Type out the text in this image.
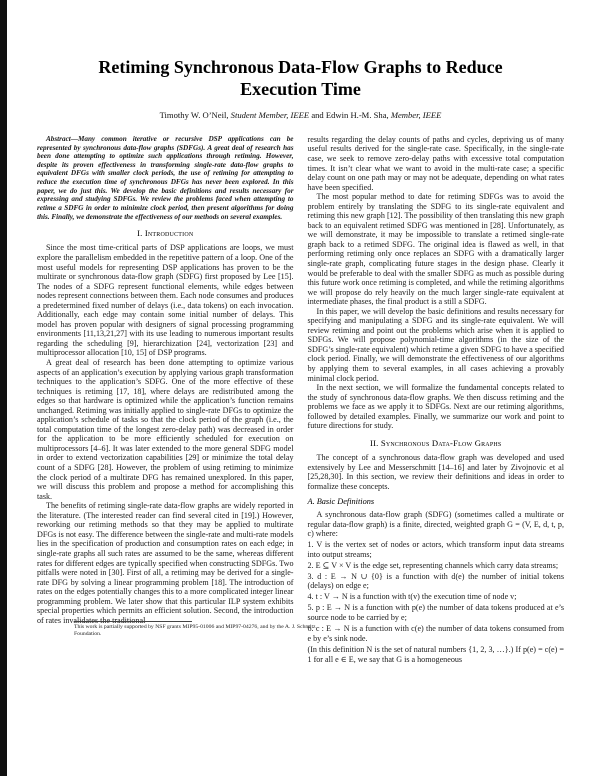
Retiming Synchronous Data-Flow Graphs to Reduce
Execution Time
Timothy W. O’Neil, Student Member, IEEE and Edwin H.-M. Sha, Member, IEEE

Abstract—Many common iterative or recursive DSP applications can be represented by synchronous data-flow graphs (SDFGs). A great deal of research has been done attempting to optimize such applications through retiming. However, despite its proven effectiveness in transforming single-rate data-flow graphs to equivalent DFGs with smaller clock periods, the use of retiming for attempting to reduce the execution time of synchronous DFGs has never been explored. In this paper, we do just this. We develop the basic definitions and results necessary for expressing and studying SDFGs. We review the problems faced when attempting to retime a SDFG in order to minimize clock period, then present algorithms for doing this. Finally, we demonstrate the effectiveness of our methods on several examples.

I. Introduction

Since the most time-critical parts of DSP applications are loops, we must explore the parallelism embedded in the repetitive pattern of a loop. One of the most useful models for representing DSP applications has proven to be the multirate or synchronous data-flow graph (SDFG) first proposed by Lee [15]. The nodes of a SDFG represent functional elements, while edges between nodes represent connections between them. Each node consumes and produces a predetermined fixed number of delays (i.e., data tokens) on each invocation. Additionally, each edge may contain some initial number of delays. This model has proven popular with designers of signal processing programming environments [11,13,21,27] with its use leading to numerous important results regarding the scheduling [9], hierarchization [24], vectorization [23] and multiprocessor allocation [10, 15] of DSP programs.

A great deal of research has been done attempting to optimize various aspects of an application’s execution by applying various graph transformation techniques to the application’s SDFG. One of the more effective of these techniques is retiming [17, 18], where delays are redistributed among the edges so that hardware is optimized while the application’s function remains unchanged. Retiming was initially applied to single-rate DFGs to optimize the application’s schedule of tasks so that the clock period of the graph (i.e., the total computation time of the longest zero-delay path) was decreased in order for the application to be more efficiently scheduled for execution on multiprocessors [4–6]. It was later extended to the more general SDFG model in order to extend vectorization capabilities [29] or minimize the total delay count of a SDFG [28]. However, the problem of using retiming to minimize the clock period of a multirate DFG has remained unexplored. In this paper, we will discuss this problem and propose a method for accomplishing this task.

The benefits of retiming single-rate data-flow graphs are widely reported in the literature. (The interested reader can find several cited in [19].) However, reworking our retiming methods so that they may be applied to multirate DFGs is not easy. The difference between the single-rate and multi-rate models lies in the specification of production and consumption rates on each edge; in single-rate graphs all such rates are assumed to be the same, whereas different rates for different edges are typically specified when constructing SDFGs. Two pitfalls were noted in [30]. First of all, a retiming may be derived for a single-rate DFG by solving a linear programming problem [18]. The introduction of rates on the edges potentially changes this to a more complicated integer linear programming problem. We later show that this particular ILP system exhibits special properties which permits an efficient solution. Second, the introduction of rates invalidates the traditional

results regarding the delay counts of paths and cycles, depriving us of many useful results derived for the single-rate case. Specifically, in the single-rate case, we seek to remove zero-delay paths with excessive total computation times. It isn’t clear what we want to avoid in the multi-rate case; a specific delay count on one path may or may not be adequate, depending on what rates have been specified.

The most popular method to date for retiming SDFGs was to avoid the problem entirely by translating the SDFG to its single-rate equivalent and retiming this new graph [12]. The possibility of then translating this new graph back to an equivalent retimed SDFG was mentioned in [28]. Unfortunately, as we will demonstrate, it may be impossible to translate a retimed single-rate graph back to a retimed SDFG. The original idea is flawed as well, in that performing retiming only once replaces an SDFG with a dramatically larger single-rate graph, complicating future stages in the design phase. Clearly it would be preferable to deal with the smaller SDFG as much as possible during this future work once retiming is completed, and while the retiming algorithms we will propose do rely heavily on the much larger single-rate equivalent at intermediate phases, the final product is a still a SDFG.

In this paper, we will develop the basic definitions and results necessary for specifying and manipulating a SDFG and its single-rate equivalent. We will review retiming and point out the problems which arise when it is applied to SDFGs. We will propose polynomial-time algorithms (in the size of the SDFG’s single-rate equivalent) which retime a given SDFG to have a specified clock period. Finally, we will demonstrate the effectiveness of our algorithms by applying them to several examples, in all cases achieving a provably minimal clock period.

In the next section, we will formalize the fundamental concepts related to the study of synchronous data-flow graphs. We then discuss retiming and the problems we face as we apply it to SDFGs. Next are our retiming algorithms, followed by detailed examples. Finally, we summarize our work and point to future directions for study.

II. Synchronous Data-Flow Graphs

The concept of a synchronous data-flow graph was developed and used extensively by Lee and Messerschmitt [14–16] and later by Zivojnovic et al [25,28,30]. In this section, we review their definitions and ideas in order to formalize these concepts.

A. Basic Definitions

A synchronous data-flow graph (SDFG) (sometimes called a multirate or regular data-flow graph) is a finite, directed, weighted graph G = (V, E, d, t, p, c) where:

1. V is the vertex set of nodes or actors, which transform input data streams into output streams;

2. E ⊆ V × V is the edge set, representing channels which carry data streams;

3. d : E → N ∪ {0} is a function with d(e) the number of initial tokens (delays) on edge e;

4. t : V → N is a function with t(v) the execution time of node v;

5. p : E → N is a function with p(e) the number of data tokens produced at e’s source node to be carried by e;

6. c : E → N is a function with c(e) the number of data tokens consumed from e by e’s sink node.

(In this definition N is the set of natural numbers {1, 2, 3, …}.) If p(e) = c(e) = 1 for all e ∈ E, we say that G is a homogeneous

This work is partially supported by NSF grants MIP95-01006 and MIP97-04276, and by the A. J. Schmitz Foundation.
